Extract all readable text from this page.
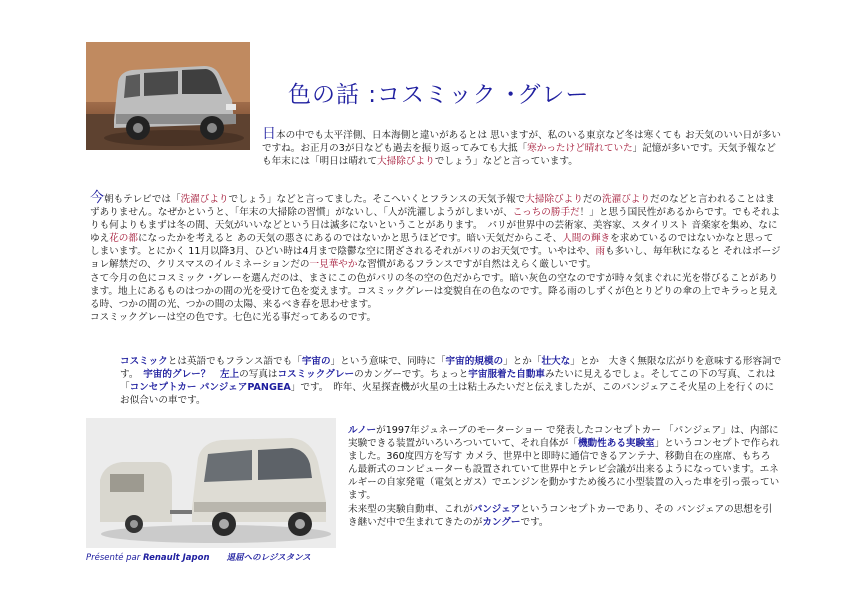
色の話 :コスミック ･グレー
日本の中でも太平洋側、日本海側と違いがあるとは 思いますが、私のいる東京など冬は寒くても お天気のいい日が多いですね。お正月の3が日なども過去を振り返ってみても大抵「寒かったけど晴れていた」記憶が多いです。天気予報なども年末には「明日は晴れて大掃除びよりでしょう」などと言っています。
今朝もテレビでは「洗濯びよりでしょう」などと言ってました。そこへいくとフランスの天気予報で大掃除びよりだの洗濯びよりだのなどと言われることはまずありません。なぜかというと、「年末の大掃除の習慣」がないし、「人が洗濯しようがしまいが、こっちの勝手だ！」と思う国民性があるからです。でもそれよりも何よりもまずは冬の間、天気がいいなどという日は滅多にないということがあります。　パリが世界中の芸術家、美容家、スタイリスト 音楽家を集め、なにゆえ花の都になったかを考えると あの天気の悪さにあるのではないかと思うほどです。暗い天気だからこそ、人間の輝きを求めているのではないかなと思ってしまいます。とにかく 11月以降3月、ひどい時は4月まで陰鬱な空に閉ざされるそれがパリのお天気です。いやはや、雨も多いし、毎年秋になると それはボージョレ解禁だの、クリスマスのイルミネーションだの一見華やかな習慣があるフランスですが自然はえらく厳しいです。
さて今月の色にコスミック ･グレーを選んだのは、まさにこの色がパリの冬の空の色だからです。暗い灰色の空なのですが時々気まぐれに光を帯びることがあります。地上にあるものはつかの間の光を受けて色を変えます。コスミックグレーは変貌自在の色なのです。降る雨のしずくが色とりどりの傘の上でキラっと見える時、つかの間の光、つかの間の太陽、来るべき春を思わせます。
コスミックグレーは空の色です。七色に光る事だってあるのです。
コスミックとは英語でもフランス語でも「宇宙の」という意味で、同時に「宇宙的規模の」とか「壮大な」とか　大きく無限な広がりを意味する形容詞です。　宇宙的グレー？　左上の写真はコスミックグレーのカングーです。ちょっと宇宙服着た自動車みたいに見えるでしょ。そしてこの下の写真、これは「コンセプトカー パンジェアPANGEA」です。　昨年、火星探査機が火星の土は粘土みたいだと伝えましたが、このパンジェアこそ火星の上を行くのにお似合いの車です。
ルノーが1997年ジュネーブのモーターショー で発表したコンセプトカー 「パンジェア」は、内部に実験できる装置がいろいろついていて、それ自体が「機動性ある実験室」というコンセプトで作られました。360度四方を写す カメラ、世界中と即時に通信できるアンテナ、移動自在の座席、もちろん最新式のコンピューターも設置されていて世界中とテレビ会議が出来るようになっています。エネルギーの自家発電（電気とガス）でエンジンを動かすため後ろに小型装置の入った車を引っ張っています。
未来型の実験自動車、これがパンジェアというコンセプトカーであり、その パンジェアの思想を引き継いだ中で生まれてきたのがカングーです。
Présenté par Renault Japon　　 退屈へのレジスタンス
